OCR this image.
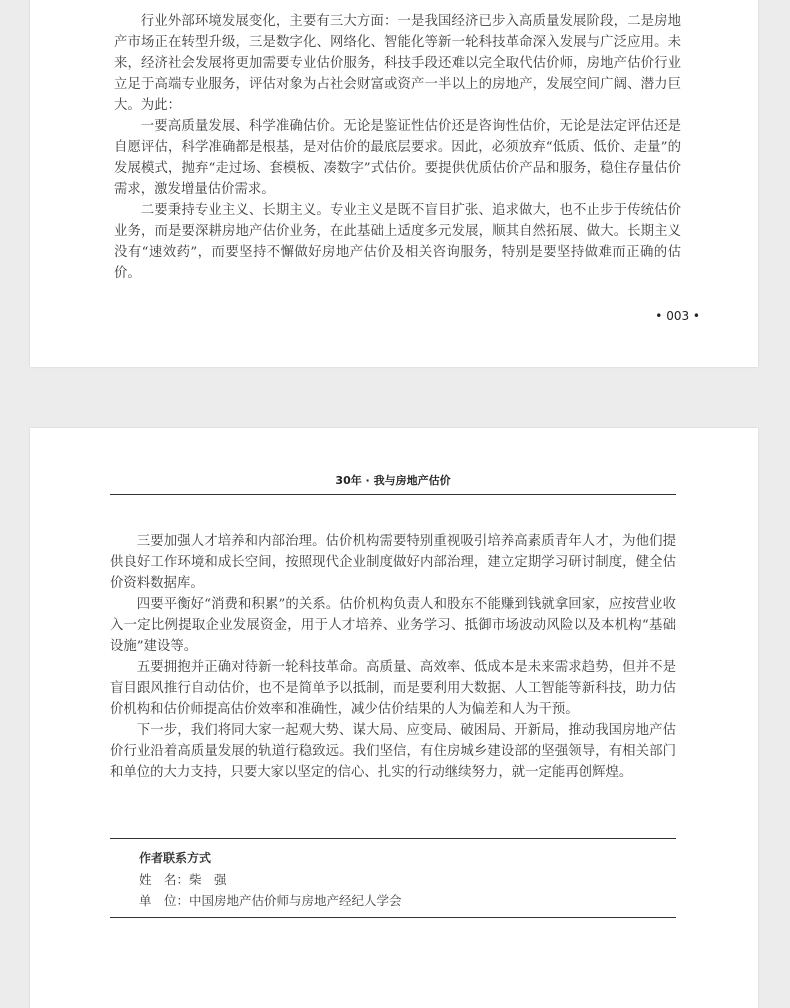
行业外部环境发展变化，主要有三大方面：一是我国经济已步入高质量发展阶段，二是房地产市场正在转型升级，三是数字化、网络化、智能化等新一轮科技革命深入发展与广泛应用。未来，经济社会发展将更加需要专业估价服务，科技手段还难以完全取代估价师，房地产估价行业立足于高端专业服务，评估对象为占社会财富或资产一半以上的房地产，发展空间广阔、潜力巨大。为此：

一要高质量发展、科学准确估价。无论是鉴证性估价还是咨询性估价，无论是法定评估还是自愿评估，科学准确都是根基，是对估价的最底层要求。因此，必须放弃“低质、低价、走量”的发展模式，抛弃“走过场、套模板、凑数字”式估价。要提供优质估价产品和服务，稳住存量估价需求，激发增量估价需求。

二要秉持专业主义、长期主义。专业主义是既不盲目扩张、追求做大，也不止步于传统估价业务，而是要深耕房地产估价业务，在此基础上适度多元发展，顺其自然拓展、做大。长期主义没有“速效药”，而要坚持不懈做好房地产估价及相关咨询服务，特别是要坚持做难而正确的估价。

• 003 •
30年 · 我与房地产估价

三要加强人才培养和内部治理。估价机构需要特别重视吸引培养高素质青年人才，为他们提供良好工作环境和成长空间，按照现代企业制度做好内部治理，建立定期学习研讨制度，健全估价资料数据库。

四要平衡好“消费和积累”的关系。估价机构负责人和股东不能赚到钱就拿回家，应按营业收入一定比例提取企业发展资金，用于人才培养、业务学习、抵御市场波动风险以及本机构“基础设施”建设等。

五要拥抱并正确对待新一轮科技革命。高质量、高效率、低成本是未来需求趋势，但并不是盲目跟风推行自动估价，也不是简单予以抵制，而是要利用大数据、人工智能等新科技，助力估价机构和估价师提高估价效率和准确性，减少估价结果的人为偏差和人为干预。

下一步，我们将同大家一起观大势、谋大局、应变局、破困局、开新局，推动我国房地产估价行业沿着高质量发展的轨道行稳致远。我们坚信，有住房城乡建设部的坚强领导，有相关部门和单位的大力支持，只要大家以坚定的信心、扎实的行动继续努力，就一定能再创辉煌。

作者联系方式
姓　名：柴　强
单　位：中国房地产估价师与房地产经纪人学会
